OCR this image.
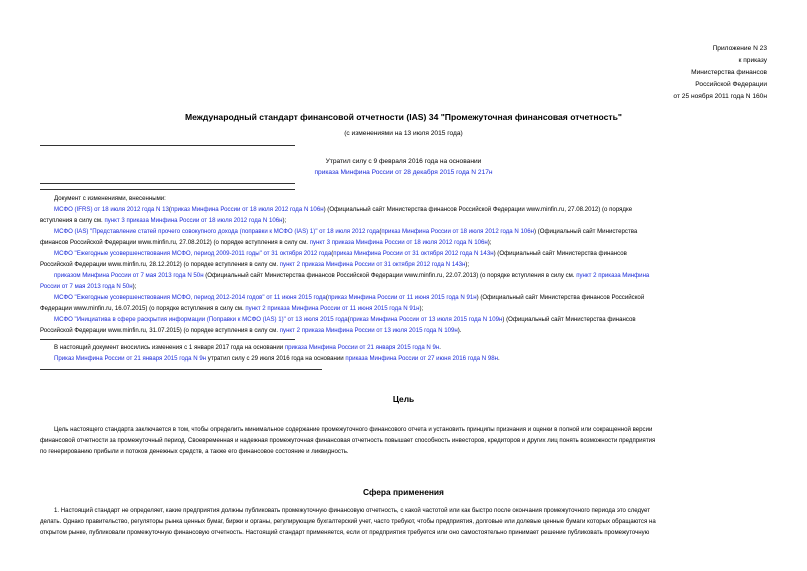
Приложение N 23
к приказу
Министерства финансов
Российской Федерации
от 25 ноября 2011 года N 160н
Международный стандарт финансовой отчетности (IAS) 34 "Промежуточная финансовая отчетность"
(с изменениями на 13 июля 2015 года)
Утратил силу с 9 февраля 2016 года на основании
приказа Минфина России от 28 декабря 2015 года N 217н
Документ с изменениями, внесенными:
МСФО (IFRS) от 18 июля 2012 года N 13(приказ Минфина России от 18 июля 2012 года N 106н) (Официальный сайт Министерства финансов Российской Федерации www.minfin.ru, 27.08.2012) (о порядке
вступления в силу см. пункт 3 приказа Минфина России от 18 июля 2012 года N 106н);
МСФО (IAS) "Представление статей прочего совокупного дохода (поправки к МСФО (IAS) 1)" от 18 июля 2012 года(приказ Минфина России от 18 июля 2012 года N 106н) (Официальный сайт Министерства
финансов Российской Федерации www.minfin.ru, 27.08.2012) (о порядке вступления в силу см. пункт 3 приказа Минфина России от 18 июля 2012 года N 106н);
МСФО "Ежегодные усовершенствования МСФО, период 2009-2011 годы" от 31 октября 2012 года(приказ Минфина России от 31 октября 2012 года N 143н) (Официальный сайт Министерства финансов
Российской Федерации www.minfin.ru, 28.12.2012) (о порядке вступления в силу см. пункт 2 приказа Минфина России от 31 октября 2012 года N 143н);
приказом Минфина России от 7 мая 2013 года N 50н (Официальный сайт Министерства финансов Российской Федерации www.minfin.ru, 22.07.2013) (о порядке вступления в силу см. пункт 2 приказа Минфина
России от 7 мая 2013 года N 50н);
МСФО "Ежегодные усовершенствования МСФО, период 2012-2014 годов" от 11 июня 2015 года(приказ Минфина России от 11 июня 2015 года N 91н) (Официальный сайт Министерства финансов Российской
Федерации www.minfin.ru, 16.07.2015) (о порядке вступления в силу см. пункт 2 приказа Минфина России от 11 июня 2015 года N 91н);
МСФО "Инициатива в сфере раскрытия информации (Поправки к МСФО (IAS) 1)" от 13 июля 2015 года(приказ Минфина России от 13 июля 2015 года N 109н) (Официальный сайт Министерства финансов
Российской Федерации www.minfin.ru, 31.07.2015) (о порядке вступления в силу см. пункт 2 приказа Минфина России от 13 июля 2015 года N 109н).
В настоящий документ вносились изменения с 1 января 2017 года на основании приказа Минфина России от 21 января 2015 года N 9н.
Приказ Минфина России от 21 января 2015 года N 9н утратил силу с 29 июля 2016 года на основании приказа Минфина России от 27 июня 2016 года N 98н.
Цель
Цель настоящего стандарта заключается в том, чтобы определить минимальное содержание промежуточного финансового отчета и установить принципы признания и оценки в полной или сокращенной версии
финансовой отчетности за промежуточный период. Своевременная и надежная промежуточная финансовая отчетность повышает способность инвесторов, кредиторов и других лиц понять возможности предприятия
по генерированию прибыли и потоков денежных средств, а также его финансовое состояние и ликвидность.
Сфера применения
1. Настоящий стандарт не определяет, какие предприятия должны публиковать промежуточную финансовую отчетность, с какой частотой или как быстро после окончания промежуточного периода это следует
делать. Однако правительство, регуляторы рынка ценных бумаг, биржи и органы, регулирующие бухгалтерский учет, часто требуют, чтобы предприятия, долговые или долевые ценные бумаги которых обращаются на
открытом рынке, публиковали промежуточную финансовую отчетность. Настоящий стандарт применяется, если от предприятия требуется или оно самостоятельно принимает решение публиковать промежуточную
